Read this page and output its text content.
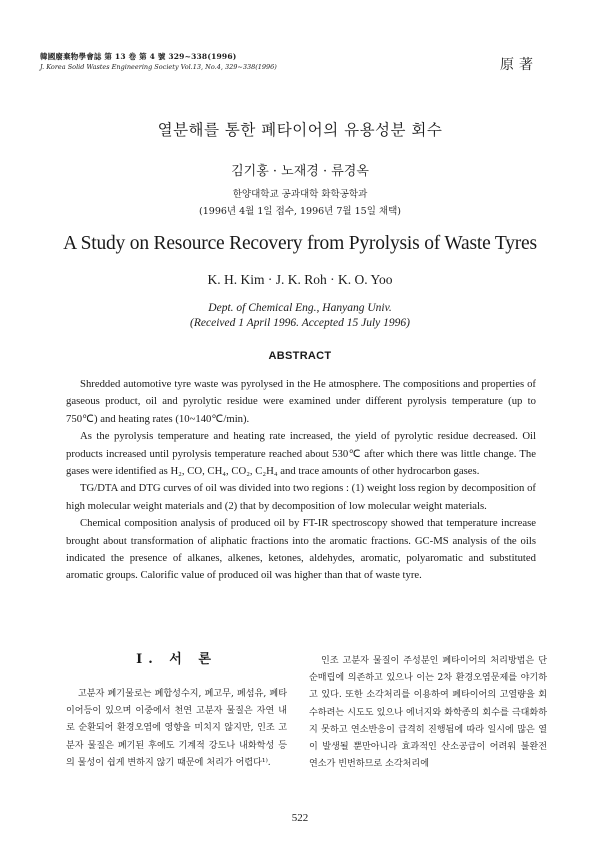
韓國廢棄物學會誌 第 13 卷 第 4 號 329~338(1996)
J. Korea Solid Wastes Engineering Society Vol.13, No.4, 329~338(1996)	原著
열분해를 통한 폐타이어의 유용성분 회수
김기홍 · 노재경 · 류경옥
한양대학교 공과대학 화학공학과
(1996년 4월 1일 접수, 1996년 7월 15일 채택)
A Study on Resource Recovery from Pyrolysis of Waste Tyres
K. H. Kim · J. K. Roh · K. O. Yoo
Dept. of Chemical Eng., Hanyang Univ.
(Received 1 April 1996. Accepted 15 July 1996)
ABSTRACT

Shredded automotive tyre waste was pyrolysed in the He atmosphere. The compositions and properties of gaseous product, oil and pyrolytic residue were examined under different pyrolysis temperature (up to 750℃) and heating rates (10~140℃/min).

As the pyrolysis temperature and heating rate increased, the yield of pyrolytic residue decreased. Oil products increased until pyrolysis temperature reached about 530℃ after which there was little change. The gases were identified as H₂, CO, CH₄, CO₂, C₂H₄ and trace amounts of other hydrocarbon gases.

TG/DTA and DTG curves of oil was divided into two regions : (1) weight loss region by decomposition of high molecular weight materials and (2) that by decomposition of low molecular weight materials.

Chemical composition analysis of produced oil by FT-IR spectroscopy showed that temperature increase brought about transformation of aliphatic fractions into the aromatic fractions. GC-MS analysis of the oils indicated the presence of alkanes, alkenes, ketones, aldehydes, aromatic, polyaromatic and substituted aromatic groups. Calorific value of produced oil was higher than that of waste tyre.

Ⅰ. 서 론

고분자 폐기물로는 폐합성수지, 폐고무, 폐섬유, 폐타이어등이 있으며 이중에서 천연 고분자 물질은 자연 내로 순환되어 환경오염에 영향을 미치지 않지만, 인조 고분자 물질은 폐기된 후에도 기계적 강도나 내화학성 등의 물성이 쉽게 변하지 않기 때문에 처리가 어렵다¹⁾.

인조 고분자 물질이 주성분인 폐타이어의 처리방법은 단순매립에 의존하고 있으나 이는 2차 환경오염문제를 야기하고 있다. 또한 소각처리를 이용하여 폐타이어의 고열량을 회수하려는 시도도 있으나 에너지와 화학종의 회수를 극대화하지 못하고 연소반응이 급격히 진행됨에 따라 일시에 많은 열이 발생될 뿐만아니라 효과적인 산소공급이 어려워 불완전 연소가 빈번하므로 소각처리에

522
